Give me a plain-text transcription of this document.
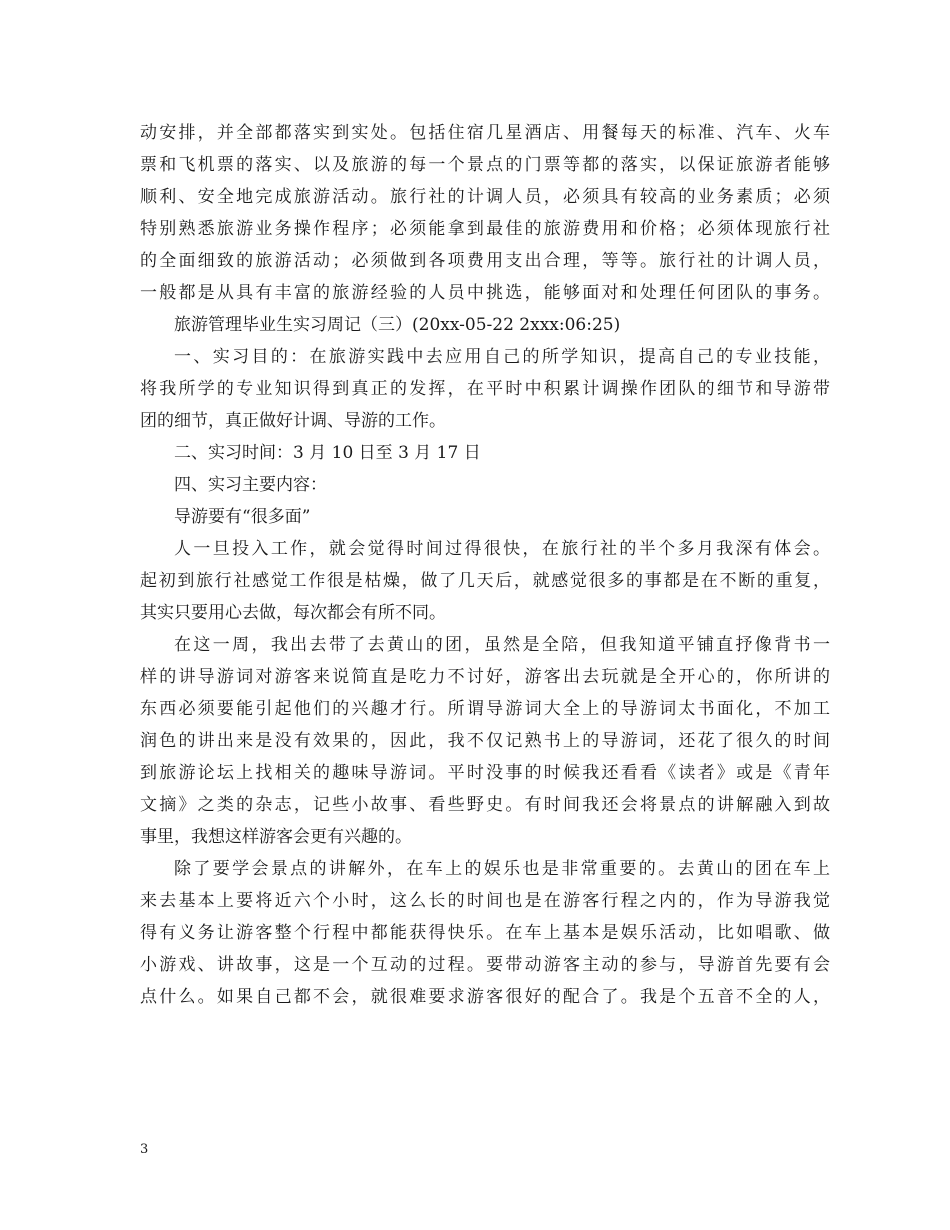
动安排，并全部都落实到实处。包括住宿几星酒店、用餐每天的标准、汽车、火车
票和飞机票的落实、以及旅游的每一个景点的门票等都的落实，以保证旅游者能够
顺利、安全地完成旅游活动。旅行社的计调人员，必须具有较高的业务素质；必须
特别熟悉旅游业务操作程序；必须能拿到最佳的旅游费用和价格；必须体现旅行社
的全面细致的旅游活动；必须做到各项费用支出合理，等等。旅行社的计调人员，
一般都是从具有丰富的旅游经验的人员中挑选，能够面对和处理任何团队的事务。
旅游管理毕业生实习周记（三）(20xx-05-22 2xxx:06:25)
一、实习目的：在旅游实践中去应用自己的所学知识，提高自己的专业技能，
将我所学的专业知识得到真正的发挥，在平时中积累计调操作团队的细节和导游带
团的细节，真正做好计调、导游的工作。
二、实习时间：3 月 10 日至 3 月 17 日
四、实习主要内容：
导游要有“很多面”
人一旦投入工作，就会觉得时间过得很快，在旅行社的半个多月我深有体会。
起初到旅行社感觉工作很是枯燥，做了几天后，就感觉很多的事都是在不断的重复，
其实只要用心去做，每次都会有所不同。
在这一周，我出去带了去黄山的团，虽然是全陪，但我知道平铺直抒像背书一
样的讲导游词对游客来说简直是吃力不讨好，游客出去玩就是全开心的，你所讲的
东西必须要能引起他们的兴趣才行。所谓导游词大全上的导游词太书面化，不加工
润色的讲出来是没有效果的，因此，我不仅记熟书上的导游词，还花了很久的时间
到旅游论坛上找相关的趣味导游词。平时没事的时候我还看看《读者》或是《青年
文摘》之类的杂志，记些小故事、看些野史。有时间我还会将景点的讲解融入到故
事里，我想这样游客会更有兴趣的。
除了要学会景点的讲解外，在车上的娱乐也是非常重要的。去黄山的团在车上
来去基本上要将近六个小时，这么长的时间也是在游客行程之内的，作为导游我觉
得有义务让游客整个行程中都能获得快乐。在车上基本是娱乐活动，比如唱歌、做
小游戏、讲故事，这是一个互动的过程。要带动游客主动的参与，导游首先要有会
点什么。如果自己都不会，就很难要求游客很好的配合了。我是个五音不全的人，
3
